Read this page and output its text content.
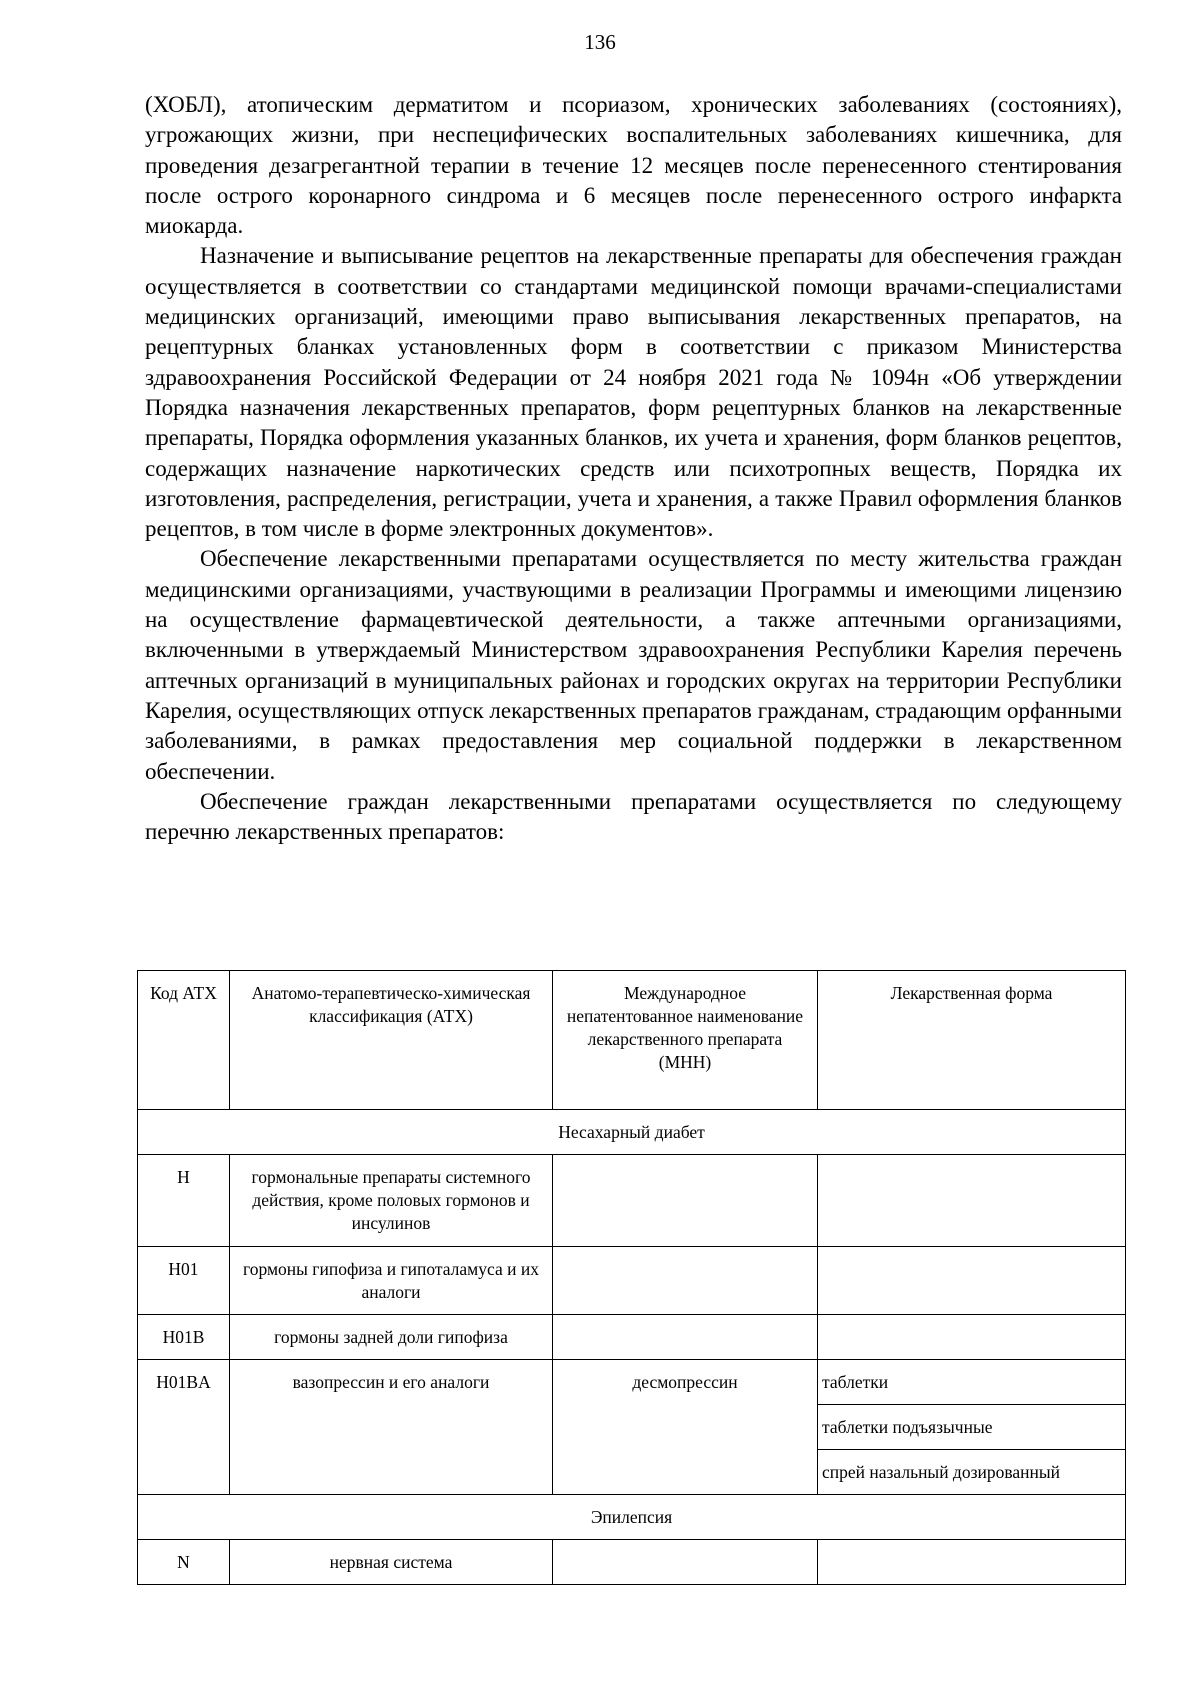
136

(ХОБЛ), атопическим дерматитом и псориазом, хронических заболеваниях (состояниях), угрожающих жизни, при неспецифических воспалительных заболеваниях кишечника, для проведения дезагрегантной терапии в течение 12 месяцев после перенесенного стентирования после острого коронарного синдрома и 6 месяцев после перенесенного острого инфаркта миокарда.

Назначение и выписывание рецептов на лекарственные препараты для обеспечения граждан осуществляется в соответствии со стандартами медицинской помощи врачами-специалистами медицинских организаций, имеющими право выписывания лекарственных препаратов, на рецептурных бланках установленных форм в соответствии с приказом Министерства здравоохранения Российской Федерации от 24 ноября 2021 года № 1094н «Об утверждении Порядка назначения лекарственных препаратов, форм рецептурных бланков на лекарственные препараты, Порядка оформления указанных бланков, их учета и хранения, форм бланков рецептов, содержащих назначение наркотических средств или психотропных веществ, Порядка их изготовления, распределения, регистрации, учета и хранения, а также Правил оформления бланков рецептов, в том числе в форме электронных документов».

Обеспечение лекарственными препаратами осуществляется по месту жительства граждан медицинскими организациями, участвующими в реализации Программы и имеющими лицензию на осуществление фармацевтической деятельности, а также аптечными организациями, включенными в утверждаемый Министерством здравоохранения Республики Карелия перечень аптечных организаций в муниципальных районах и городских округах на территории Республики Карелия, осуществляющих отпуск лекарственных препаратов гражданам, страдающим орфанными заболеваниями, в рамках предоставления мер социальной поддержки в лекарственном обеспечении.

Обеспечение граждан лекарственными препаратами осуществляется по следующему перечню лекарственных препаратов:

Код АТХ	Анатомо-терапевтическо-химическая классификация (АТХ)	Международное непатентованное наименование лекарственного препарата (МНН)	Лекарственная форма
Несахарный диабет			
H	гормональные препараты системного действия, кроме половых гормонов и инсулинов		
H01	гормоны гипофиза и гипоталамуса и их аналоги		
H01B	гормоны задней доли гипофиза		
H01BA	вазопрессин и его аналоги	десмопрессин	таблетки
			таблетки подъязычные
			спрей назальный дозированный
Эпилепсия			
N	нервная система		
